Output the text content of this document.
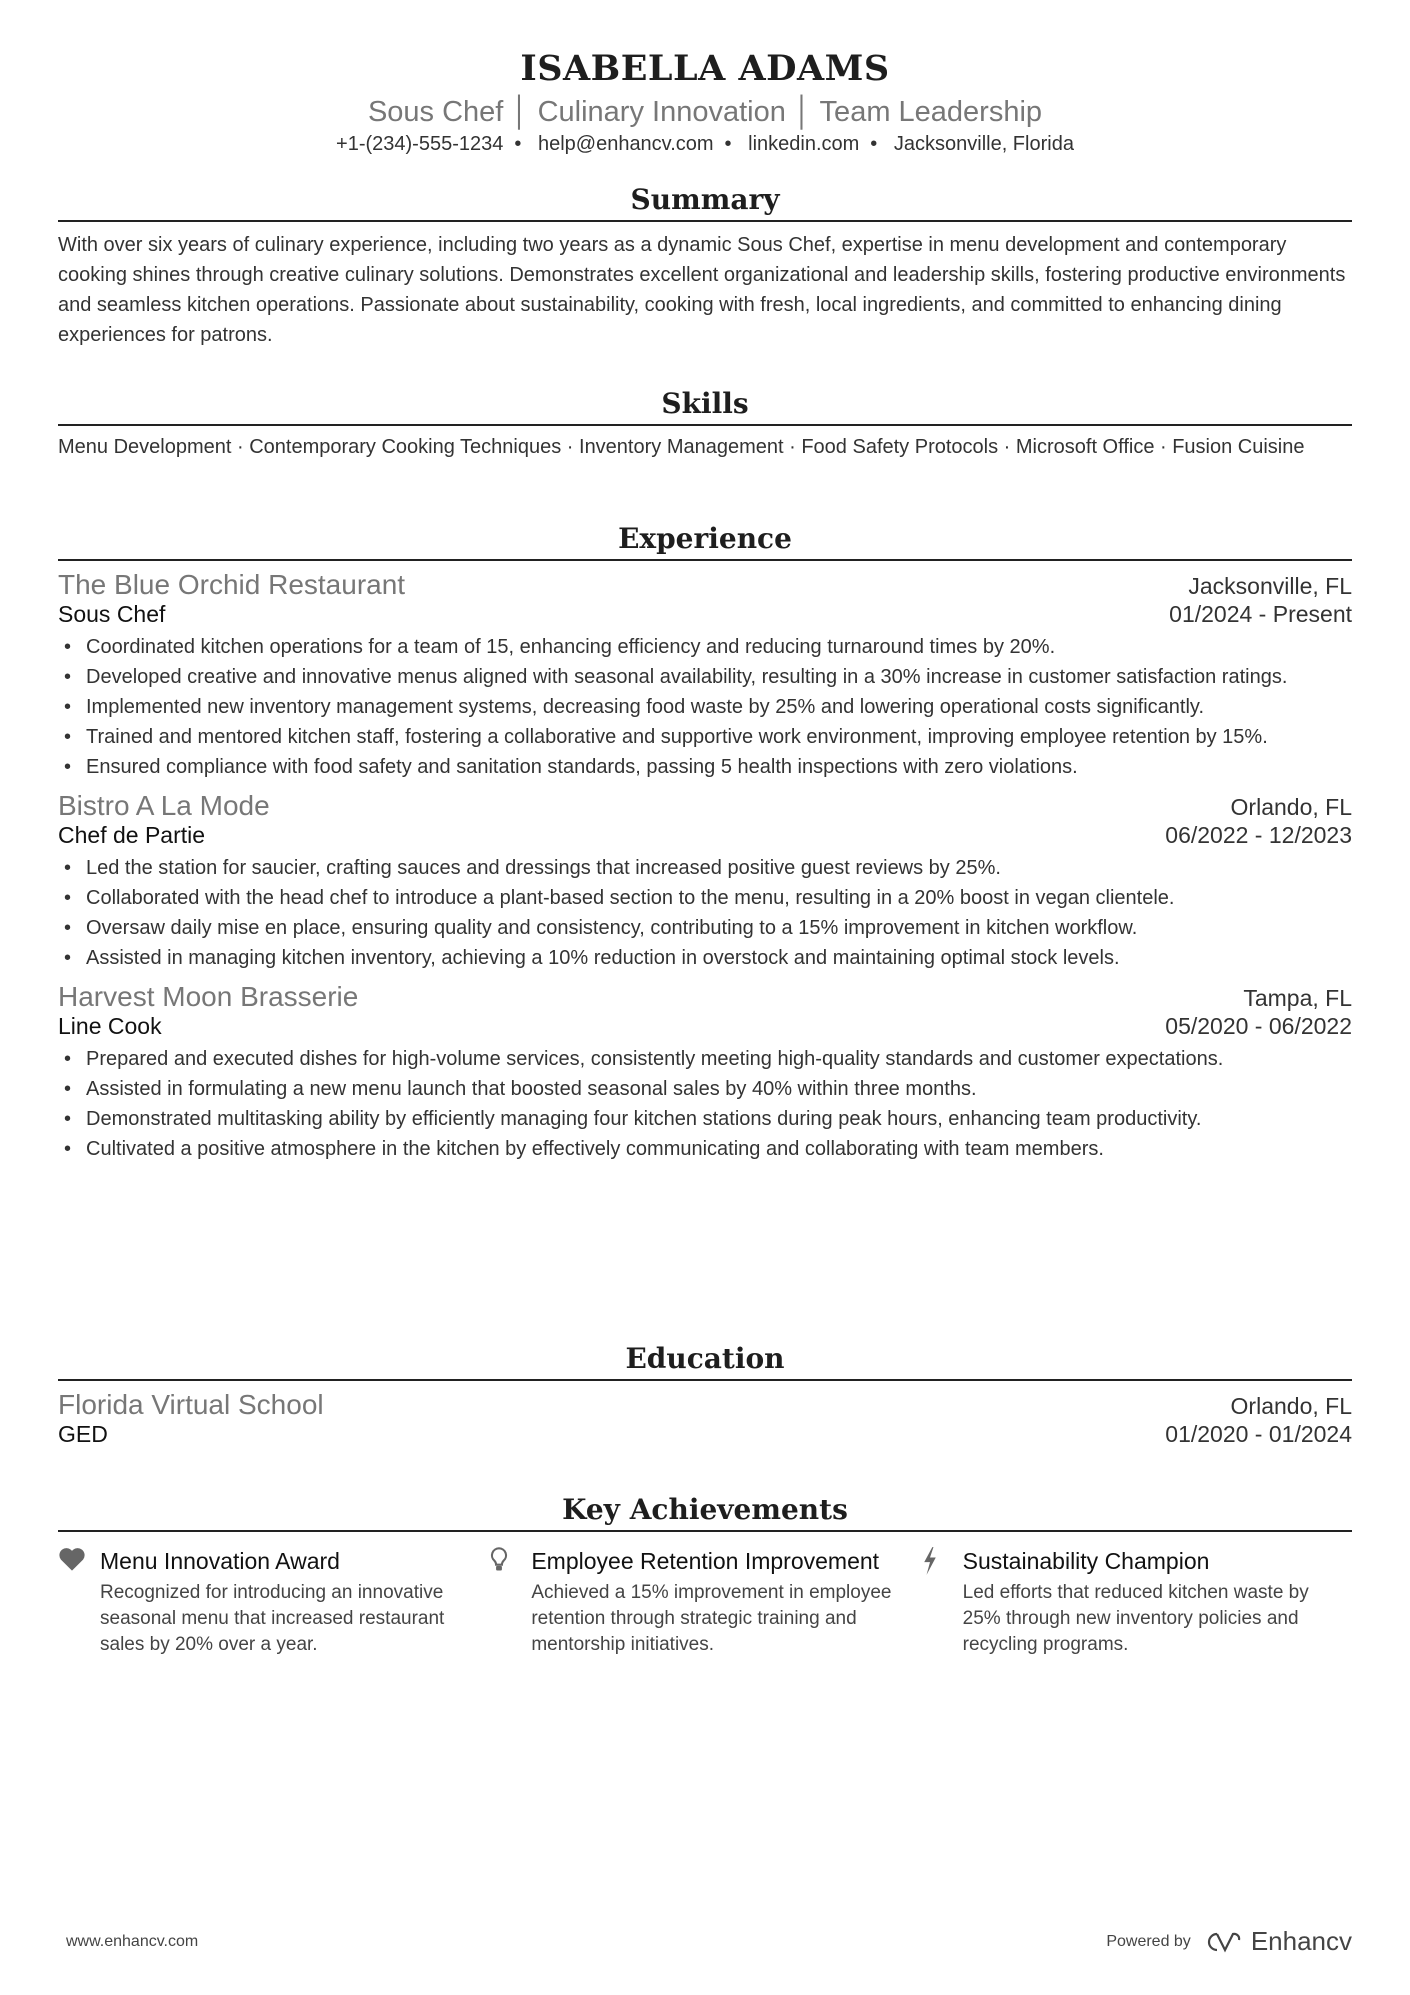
ISABELLA ADAMS
Sous Chef │ Culinary Innovation │ Team Leadership
+1-(234)-555-1234 • help@enhancv.com • linkedin.com • Jacksonville, Florida
Summary
With over six years of culinary experience, including two years as a dynamic Sous Chef, expertise in menu development and contemporary cooking shines through creative culinary solutions. Demonstrates excellent organizational and leadership skills, fostering productive environments and seamless kitchen operations. Passionate about sustainability, cooking with fresh, local ingredients, and committed to enhancing dining experiences for patrons.
Skills
Menu Development · Contemporary Cooking Techniques · Inventory Management · Food Safety Protocols · Microsoft Office · Fusion Cuisine
Experience
The Blue Orchid Restaurant	Jacksonville, FL
Sous Chef	01/2024 - Present
• Coordinated kitchen operations for a team of 15, enhancing efficiency and reducing turnaround times by 20%.
• Developed creative and innovative menus aligned with seasonal availability, resulting in a 30% increase in customer satisfaction ratings.
• Implemented new inventory management systems, decreasing food waste by 25% and lowering operational costs significantly.
• Trained and mentored kitchen staff, fostering a collaborative and supportive work environment, improving employee retention by 15%.
• Ensured compliance with food safety and sanitation standards, passing 5 health inspections with zero violations.
Bistro A La Mode	Orlando, FL
Chef de Partie	06/2022 - 12/2023
• Led the station for saucier, crafting sauces and dressings that increased positive guest reviews by 25%.
• Collaborated with the head chef to introduce a plant-based section to the menu, resulting in a 20% boost in vegan clientele.
• Oversaw daily mise en place, ensuring quality and consistency, contributing to a 15% improvement in kitchen workflow.
• Assisted in managing kitchen inventory, achieving a 10% reduction in overstock and maintaining optimal stock levels.
Harvest Moon Brasserie	Tampa, FL
Line Cook	05/2020 - 06/2022
• Prepared and executed dishes for high-volume services, consistently meeting high-quality standards and customer expectations.
• Assisted in formulating a new menu launch that boosted seasonal sales by 40% within three months.
• Demonstrated multitasking ability by efficiently managing four kitchen stations during peak hours, enhancing team productivity.
• Cultivated a positive atmosphere in the kitchen by effectively communicating and collaborating with team members.
Education
Florida Virtual School	Orlando, FL
GED	01/2020 - 01/2024
Key Achievements
Menu Innovation Award
Recognized for introducing an innovative seasonal menu that increased restaurant sales by 20% over a year.
Employee Retention Improvement
Achieved a 15% improvement in employee retention through strategic training and mentorship initiatives.
Sustainability Champion
Led efforts that reduced kitchen waste by 25% through new inventory policies and recycling programs.
www.enhancv.com	Powered by Enhancv
